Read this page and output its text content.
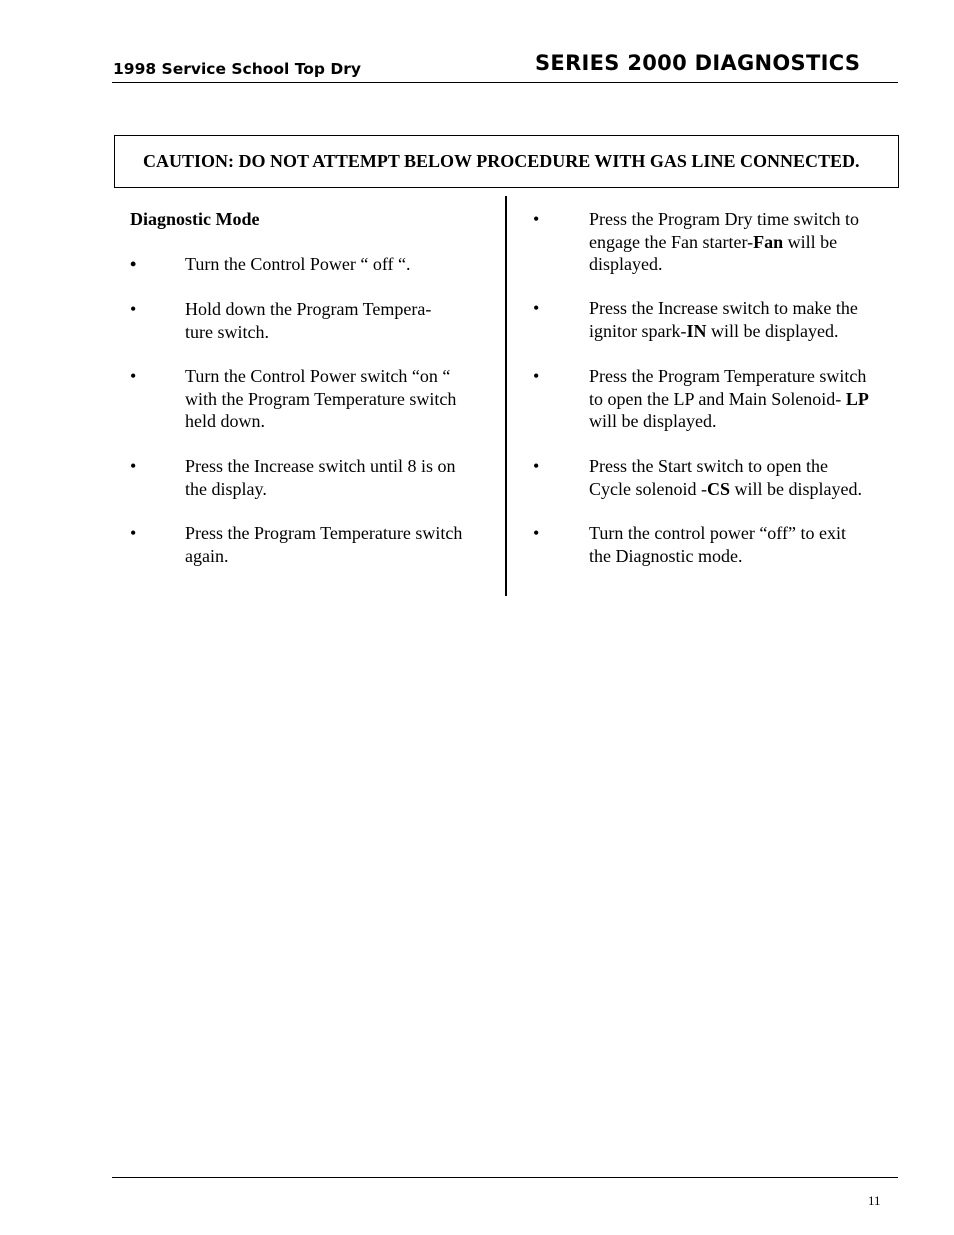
1998 Service School Top Dry	SERIES 2000 DIAGNOSTICS
CAUTION: DO NOT ATTEMPT BELOW PROCEDURE WITH GAS LINE CONNECTED.
Diagnostic Mode
•	Turn the Control Power “ off “.
•	Hold down the Program Tempera-
ture switch.
•	Turn the Control Power switch “on “
with the Program Temperature switch
held down.
•	Press the Increase switch until 8 is on
the display.
•	Press the Program Temperature switch
again.
•	Press the Program Dry time switch to
engage the Fan starter-Fan will be
displayed.
•	Press the Increase switch to make the
ignitor spark-IN will be displayed.
•	Press the Program Temperature switch
to open the LP and Main Solenoid- LP
will be displayed.
•	Press the Start switch to open the
Cycle solenoid -CS will be displayed.
•	Turn the control power “off” to exit
the Diagnostic mode.
11
